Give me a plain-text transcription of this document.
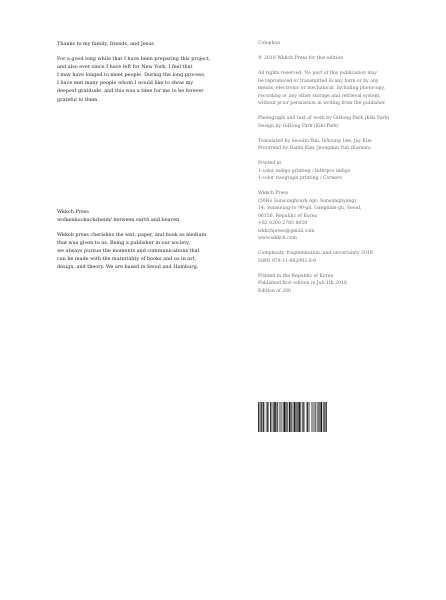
Thanks to my family, friends, and Jesus

For a good long while that I have been preparing this project,
and also ever since I have left for New York, I feel that
I may have longed to meet people. During the long process,
I have met many people whom I would like to show my
deepest gratitude, and this was a time for me to be forever
grateful to them.

Wkkch Press

wolkenkuckucksheim/ between earth and heaven

Wkkch press cherishes the text, paper, and book as medium
that was given to us. Being a publisher in our society,
we always pursue the moments and communications that
can be made with the materiality of books and us in art,
design, and theory. We are based in Seoul and Hamburg.

Colophon

© 2018 Wkkch Press for this edition

All rights reserved. No part of this publication may
be reproduced or transmitted in any form or by any
means, electronic or mechanical, including photocopy,
recording or any other storage and retrieval system,
without prior permission in writing from the publisher.
Photograph and text of work by GiHong Park (Kiki Park)
Design by GiHong Park (Kiki Park)
Translated by Seoulin Yun, InYoung Lee, Jay Kim
Proofread by Danbi Kim, Jeongmin Yun (Korean)
Printed at
1-color indigo printing / Interpro indigo
1-color risograph printing / Corners
Wkkch Press
(50Ho Sunsunghyark Apt, Sunsunghyang)
14, Sunsuung-ro 99-gil, Gangnam-gu, Seoul,
06156, Republic of Korea
+82 0200 2785 8050
wkkchpress@gmail.com
www.wkkch.com
Complexity, fragmentation, and uncertainty 2018
ISBN 979-11-962992-0-8
Printed in the Republic of Korea
Published first edition in Juli 1th 2018
Edition of 200
